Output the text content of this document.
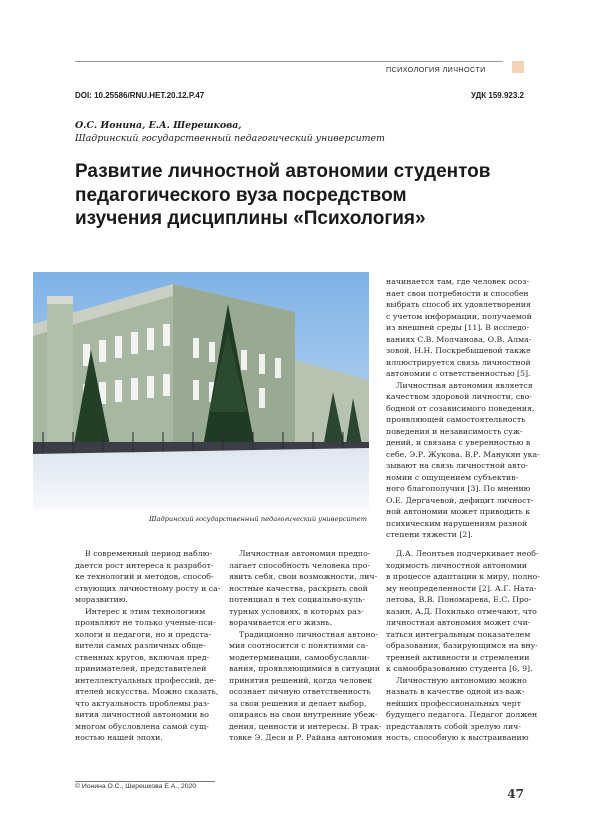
ПСИХОЛОГИЯ ЛИЧНОСТИ
DOI: 10.25586/RNU.HET.20.12.P.47	УДК 159.923.2
О.С. Ионина, Е.А. Шерешкова,
Шадринский государственный педагогический университет
Развитие личностной автономии студентов
педагогического вуза посредством
изучения дисциплины «Психология»
Шадринский государственный педагогический университет

начинается там, где человек осоз-
нает свои потребности и способен
выбрать способ их удовлетворения
с учетом информации, получаемой
из внешней среды [11]. В исследо-
ваниях С.В. Молчанова, О.В. Алма-
зовой, Н.Н. Поскребышевой также
иллюстрируется связь личностной
автономии с ответственностью [5].

Личностная автономия является

качеством здоровой личности, сво-
бодной от созависимого поведения,
проявляющей самостоятельность
поведения и независимость суж-
дений, и связана с уверенностью в
себе. Э.Р. Жукова, В.Р. Манукян ука-
зывают на связь личностной авто-
номии с ощущением субъектив-
ного благополучия [3]. По мнению
О.Е. Дергачевой, дефицит личност-
ной автономии может приводить к
психическим нарушениям разной
степени тяжести [2].

В современный период наблю-

дается рост интереса к разработ-
ке технологий и методов, способ-
ствующих личностному росту и са-
моразвитию.

Интерес к этим технологиям

проявляют не только ученые-пси-
хологи и педагоги, но и предста-
вители самых различных обще-
ственных кругов, включая пред-
принимателей, представителей
интеллектуальных профессий, де-
ятелей искусства. Можно сказать,
что актуальность проблемы раз-
вития личностной автономии во
многом обусловлена самой сущ-
ностью нашей эпохи.

Личностная автономия предпо-

лагает способность человека про-
явить себя, свои возможности, лич-
ностные качества, раскрыть свой
потенциал в тех социально-куль-
турных условиях, в которых раз-
ворачивается его жизнь.

Традиционно личностная автоно-

мия соотносится с понятиями са-
модетерминации, самообуславли-
вания, проявляющимися в ситуации
принятия решений, когда человек
осознает личную ответственность
за свои решения и делает выбор,
опираясь на свои внутренние убеж-
дения, ценности и интересы. В трак-
товке Э. Деси и Р. Райана автономия

Д.А. Леонтьев подчеркивает необ-

ходимость личностной автономии
в процессе адаптации к миру, полно-
му неопределенности [2]. А.Г. Ната-
летова, В.В. Пономарева, Е.С. Про-
казин, А.Д. Похилько отмечают, что
личностная автономия может счи-
таться интегральным показателем
образования, базирующимся на вну-
тренней активности и стремлении
к самообразованию студента [6, 9].

Личностную автономию можно

назвать в качестве одной из важ-
нейших профессиональных черт
будущего педагога. Педагог должен
представлять собой зрелую лич-
ность, способную к выстраиванию

© Ионина О.С., Шерешкова Е.А., 2020
47
